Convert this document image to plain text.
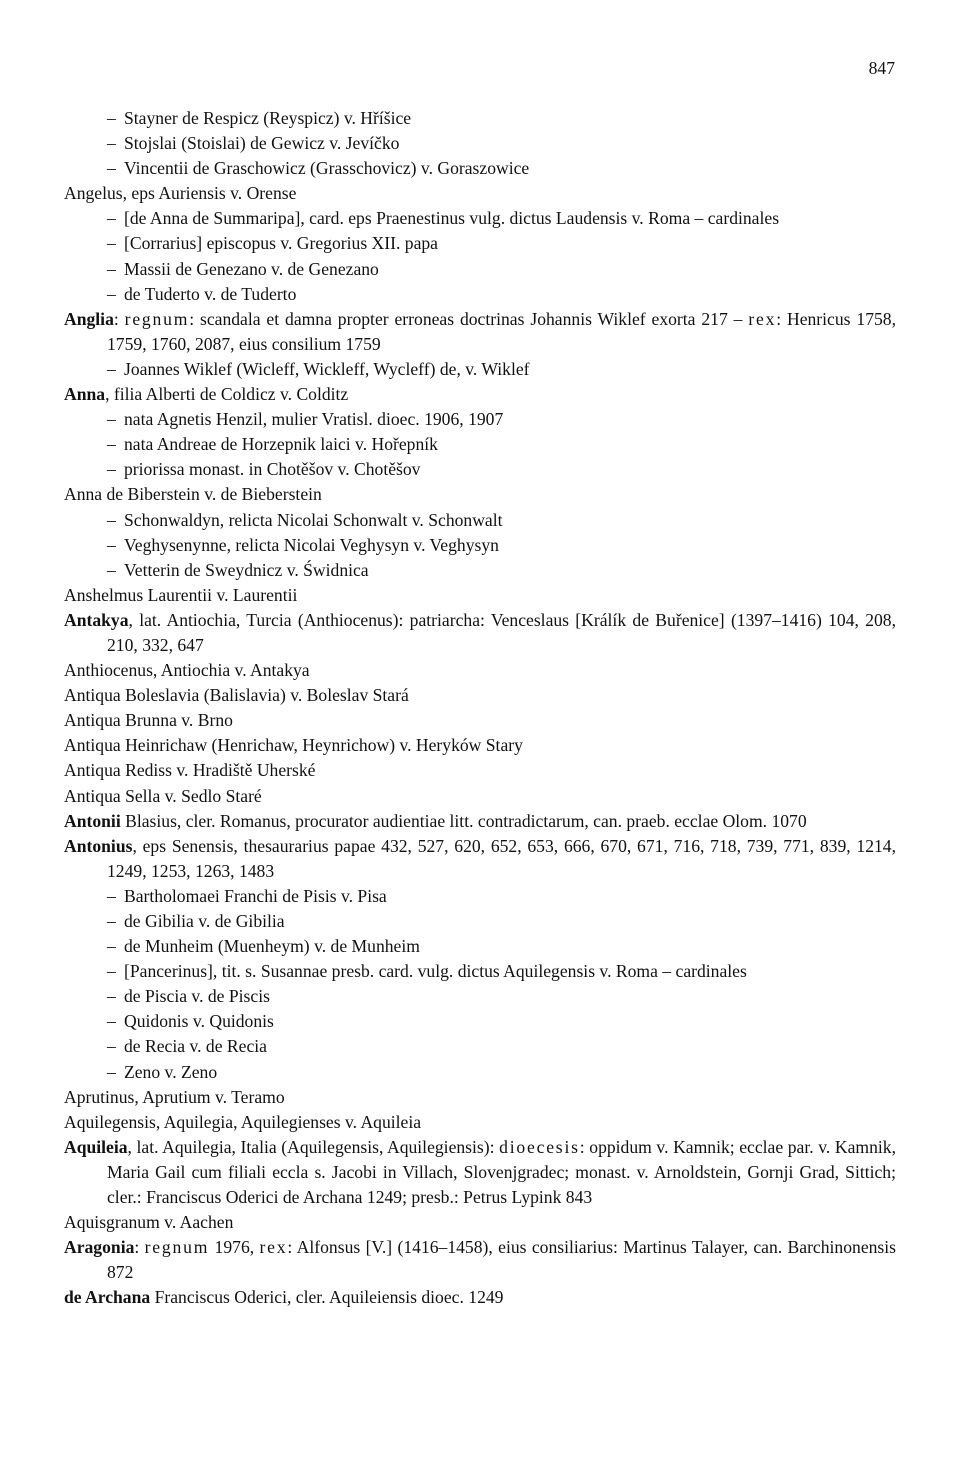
847
– Stayner de Respicz (Reyspicz) v. Hříšice
– Stojslai (Stoislai) de Gewicz v. Jevíčko
– Vincentii de Graschowicz (Grasschovicz) v. Goraszowice
Angelus, eps Auriensis v. Orense
– [de Anna de Summaripa], card. eps Praenestinus vulg. dictus Laudensis v. Roma – cardinales
– [Corrarius] episcopus v. Gregorius XII. papa
– Massii de Genezano v. de Genezano
– de Tuderto v. de Tuderto
Anglia: regnum: scandala et damna propter erroneas doctrinas Johannis Wiklef exorta 217 – rex: Henricus 1758, 1759, 1760, 2087, eius consilium 1759
– Joannes Wiklef (Wicleff, Wickleff, Wycleff) de, v. Wiklef
Anna, filia Alberti de Coldicz v. Colditz
– nata Agnetis Henzil, mulier Vratisl. dioec. 1906, 1907
– nata Andreae de Horzepnik laici v. Hořepník
– priorissa monast. in Chotěšov v. Chotěšov
Anna de Biberstein v. de Bieberstein
– Schonwaldyn, relicta Nicolai Schonwalt v. Schonwalt
– Veghysenynne, relicta Nicolai Veghysyn v. Veghysyn
– Vetterin de Sweydnicz v. Świdnica
Anshelmus Laurentii v. Laurentii
Antakya, lat. Antiochia, Turcia (Anthiocenus): patriarcha: Venceslaus [Králík de Buřenice] (1397–1416) 104, 208, 210, 332, 647
Anthiocenus, Antiochia v. Antakya
Antiqua Boleslavia (Balislavia) v. Boleslav Stará
Antiqua Brunna v. Brno
Antiqua Heinrichaw (Henrichaw, Heynrichow) v. Heryków Stary
Antiqua Rediss v. Hradiště Uherské
Antiqua Sella v. Sedlo Staré
Antonii Blasius, cler. Romanus, procurator audientiae litt. contradictarum, can. praeb. ecclae Olom. 1070
Antonius, eps Senensis, thesaurarius papae 432, 527, 620, 652, 653, 666, 670, 671, 716, 718, 739, 771, 839, 1214, 1249, 1253, 1263, 1483
– Bartholomaei Franchi de Pisis v. Pisa
– de Gibilia v. de Gibilia
– de Munheim (Muenheym) v. de Munheim
– [Pancerinus], tit. s. Susannae presb. card. vulg. dictus Aquilegensis v. Roma – cardinales
– de Piscia v. de Piscis
– Quidonis v. Quidonis
– de Recia v. de Recia
– Zeno v. Zeno
Aprutinus, Aprutium v. Teramo
Aquilegensis, Aquilegia, Aquilegienses v. Aquileia
Aquileia, lat. Aquilegia, Italia (Aquilegensis, Aquilegiensis): dioecesis: oppidum v. Kamnik; ecclae par. v. Kamnik, Maria Gail cum filiali eccla s. Jacobi in Villach, Slovenjgradec; monast. v. Arnoldstein, Gornji Grad, Sittich; cler.: Franciscus Oderici de Archana 1249; presb.: Petrus Lypink 843
Aquisgranum v. Aachen
Aragonia: regnum 1976, rex: Alfonsus [V.] (1416–1458), eius consiliarius: Martinus Talayer, can. Barchinonensis 872
de Archana Franciscus Oderici, cler. Aquileiensis dioec. 1249
